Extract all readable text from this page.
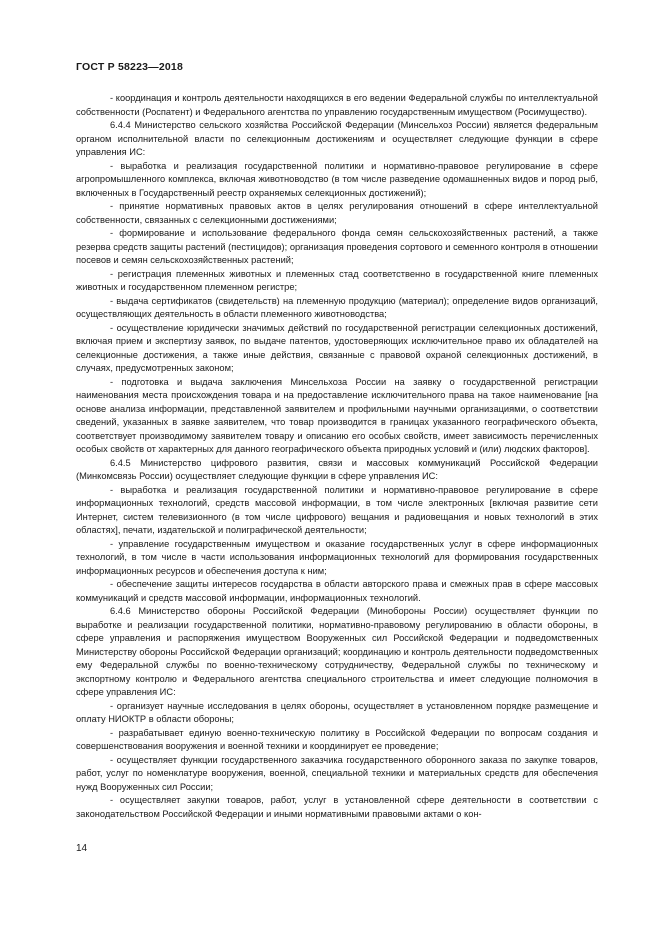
ГОСТ Р 58223—2018

- координация и контроль деятельности находящихся в его ведении Федеральной службы по интеллектуальной собственности (Роспатент) и Федерального агентства по управлению государственным имуществом (Росимущество).

6.4.4 Министерство сельского хозяйства Российской Федерации (Минсельхоз России) является федеральным органом исполнительной власти по селекционным достижениям и осуществляет следующие функции в сфере управления ИС:

- выработка и реализация государственной политики и нормативно-правовое регулирование в сфере агропромышленного комплекса, включая животноводство (в том числе разведение одомашненных видов и пород рыб, включенных в Государственный реестр охраняемых селекционных достижений);

- принятие нормативных правовых актов в целях регулирования отношений в сфере интеллектуальной собственности, связанных с селекционными достижениями;

- формирование и использование федерального фонда семян сельскохозяйственных растений, а также резерва средств защиты растений (пестицидов); организация проведения сортового и семенного контроля в отношении посевов и семян сельскохозяйственных растений;

- регистрация племенных животных и племенных стад соответственно в государственной книге племенных животных и государственном племенном регистре;

- выдача сертификатов (свидетельств) на племенную продукцию (материал); определение видов организаций, осуществляющих деятельность в области племенного животноводства;

- осуществление юридически значимых действий по государственной регистрации селекционных достижений, включая прием и экспертизу заявок, по выдаче патентов, удостоверяющих исключительное право их обладателей на селекционные достижения, а также иные действия, связанные с правовой охраной селекционных достижений, в случаях, предусмотренных законом;

- подготовка и выдача заключения Минсельхоза России на заявку о государственной регистрации наименования места происхождения товара и на предоставление исключительного права на такое наименование [на основе анализа информации, представленной заявителем и профильными научными организациями, о соответствии сведений, указанных в заявке заявителем, что товар производится в границах указанного географического объекта, соответствует производимому заявителем товару и описанию его особых свойств, имеет зависимость перечисленных особых свойств от характерных для данного географического объекта природных условий и (или) людских факторов].

6.4.5 Министерство цифрового развития, связи и массовых коммуникаций Российской Федерации (Минкомсвязь России) осуществляет следующие функции в сфере управления ИС:

- выработка и реализация государственной политики и нормативно-правовое регулирование в сфере информационных технологий, средств массовой информации, в том числе электронных [включая развитие сети Интернет, систем телевизионного (в том числе цифрового) вещания и радиовещания и новых технологий в этих областях], печати, издательской и полиграфической деятельности;

- управление государственным имуществом и оказание государственных услуг в сфере информационных технологий, в том числе в части использования информационных технологий для формирования государственных информационных ресурсов и обеспечения доступа к ним;

- обеспечение защиты интересов государства в области авторского права и смежных прав в сфере массовых коммуникаций и средств массовой информации, информационных технологий.

6.4.6 Министерство обороны Российской Федерации (Минобороны России) осуществляет функции по выработке и реализации государственной политики, нормативно-правовому регулированию в области обороны, в сфере управления и распоряжения имуществом Вооруженных сил Российской Федерации и подведомственных Министерству обороны Российской Федерации организаций; координацию и контроль деятельности подведомственных ему Федеральной службы по военно-техническому сотрудничеству, Федеральной службы по техническому и экспортному контролю и Федерального агентства специального строительства и имеет следующие полномочия в сфере управления ИС:

- организует научные исследования в целях обороны, осуществляет в установленном порядке размещение и оплату НИОКТР в области обороны;

- разрабатывает единую военно-техническую политику в Российской Федерации по вопросам создания и совершенствования вооружения и военной техники и координирует ее проведение;

- осуществляет функции государственного заказчика государственного оборонного заказа по закупке товаров, работ, услуг по номенклатуре вооружения, военной, специальной техники и материальных средств для обеспечения нужд Вооруженных сил России;

- осуществляет закупки товаров, работ, услуг в установленной сфере деятельности в соответствии с законодательством Российской Федерации и иными нормативными правовыми актами о кон-

14
